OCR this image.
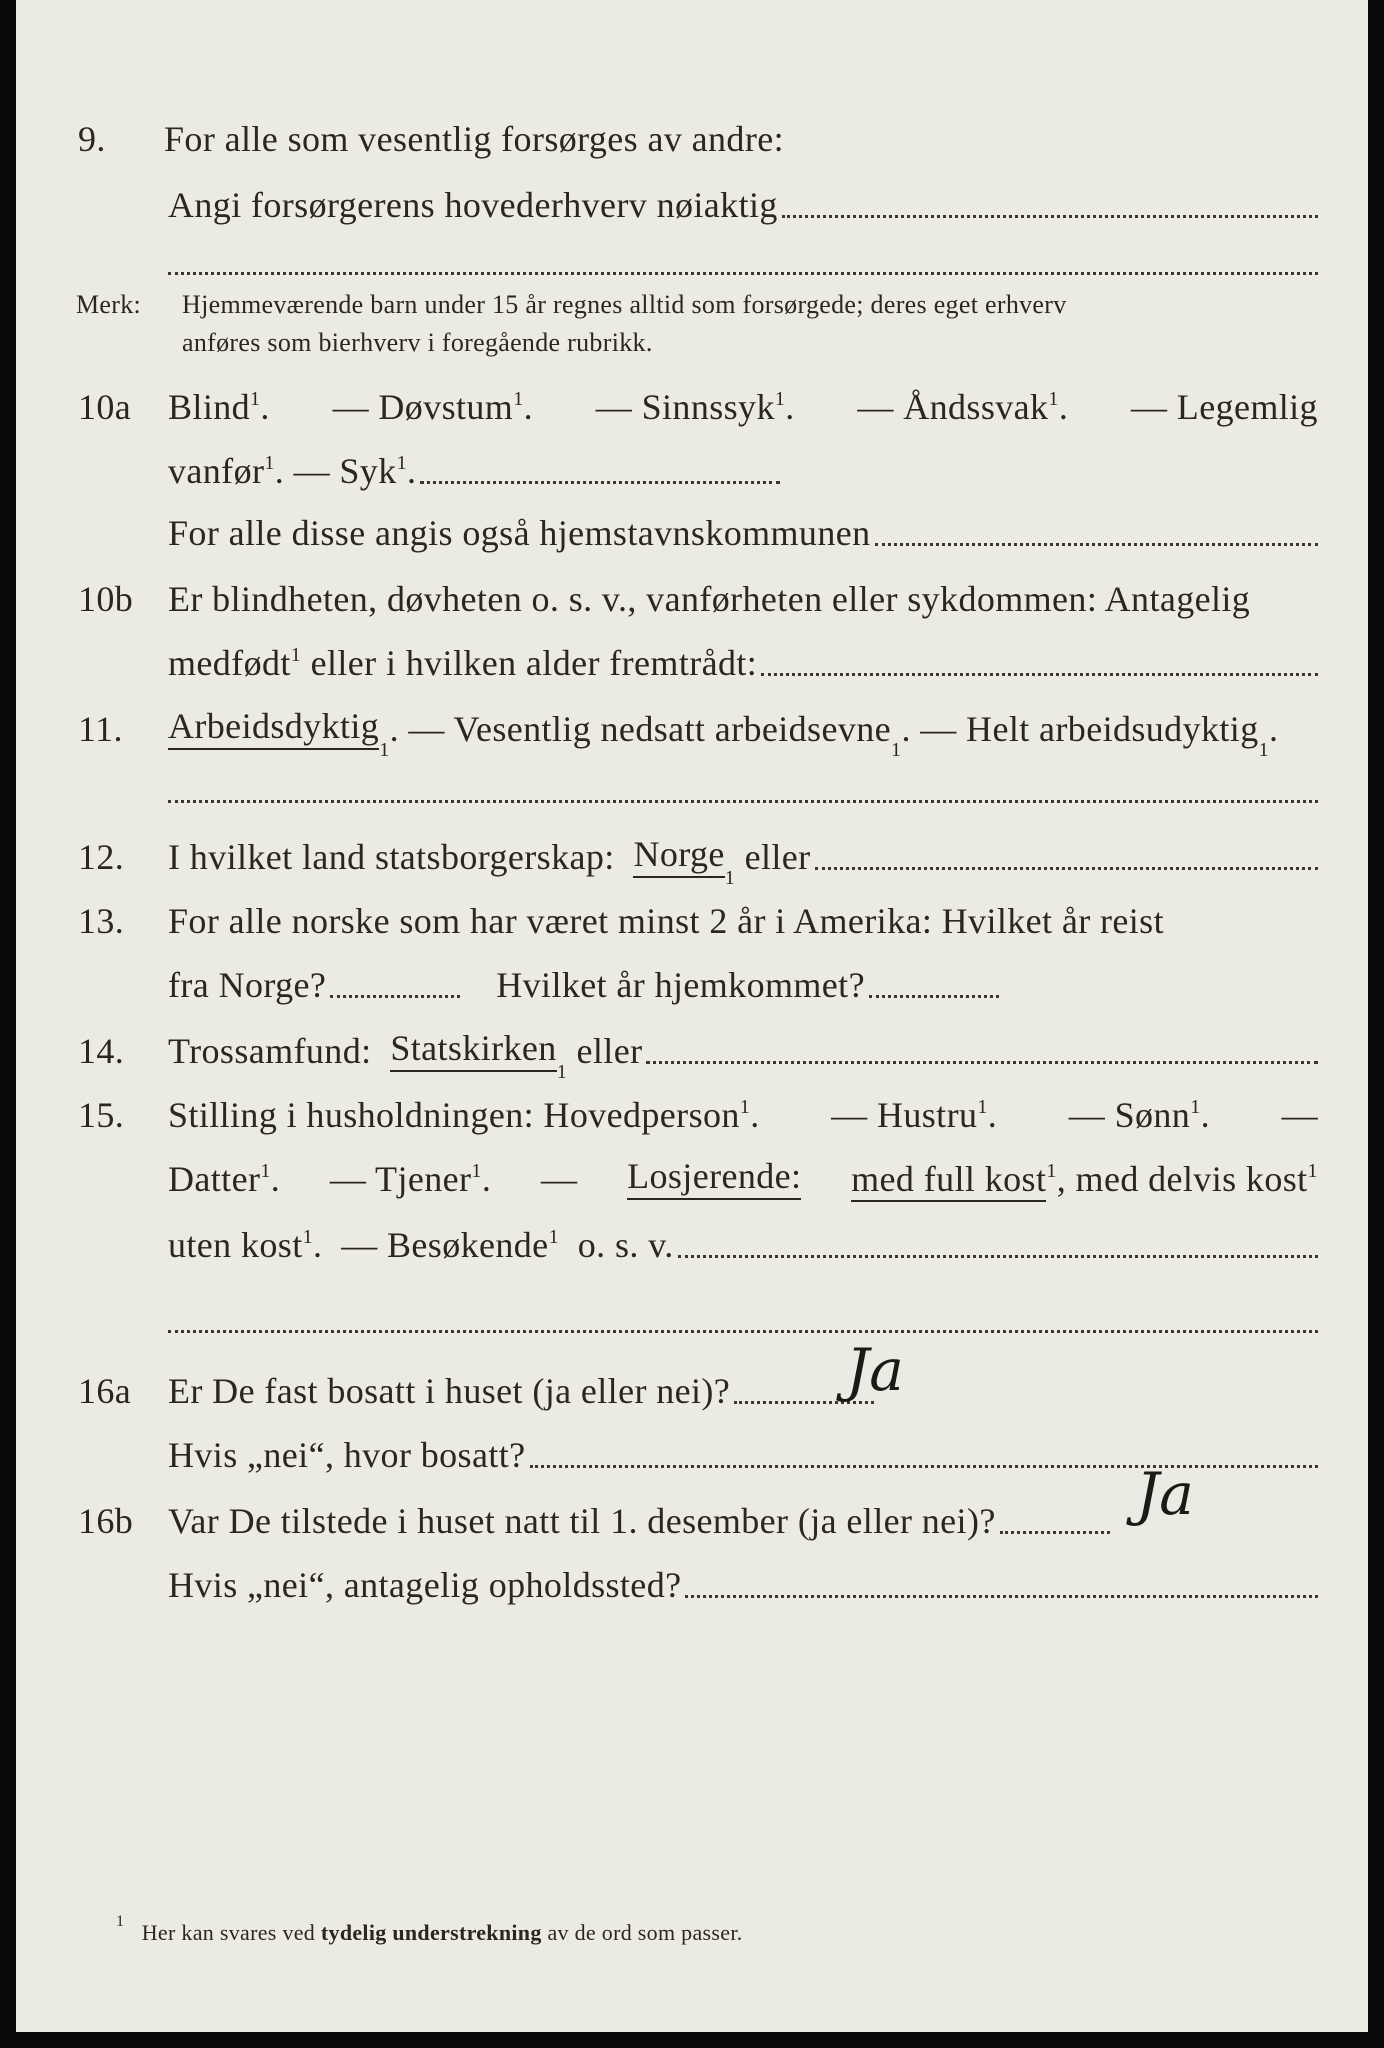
9.	For alle som vesentlig forsørges av andre:
Angi forsørgerens hovederhverv nøiaktig
Merk:	Hjemmeværende barn under 15 år regnes alltid som forsørgede; deres eget erhverv
anføres som bierhverv i foregående rubrikk.
10a	Blind$^1$. — Døvstum$^1$. — Sinnssyk$^1$. — Åndssvak$^1$. — Legemlig
vanfør$^1$. — Syk$^1$.
For alle disse angis også hjemstavnskommunen
10b Er blindheten, døvheten o. s. v., vanførheten eller sykdommen: Antagelig
medfødt$^1$ eller i hvilken alder fremtrådt:
11.	Arbeidsdyktig
1
. — Vesentlig nedsatt arbeidsevne
1
. — Helt arbeidsudyktig
1
.
12.	I hvilket land statsborgerskap:
Norge
1

eller
13.	For alle norske som har været minst 2 år i Amerika: Hvilket år reist
fra Norge?	Hvilket år hjemkommet?
14.	Trossamfund:
Statskirken
1

eller
15.	Stilling i husholdningen: Hovedperson$^1$. — Hustru$^1$. — Sønn$^1$. —
Datter$^1$. — Tjener$^1$. — Losjerende: med full kost$^1$, med delvis kost$^1$
uten kost$^1$. — Besøkende$^1$ o. s. v.
16a	Er De fast bosatt i huset (ja eller nei)? Ja
Hvis „nei“, hvor bosatt?
16b Var De tilstede i huset natt til 1. desember (ja eller nei)? Ja
Hvis „nei“, antagelig opholdssted?
$^1$ Her kan svares ved tydelig understrekning av de ord som passer.
